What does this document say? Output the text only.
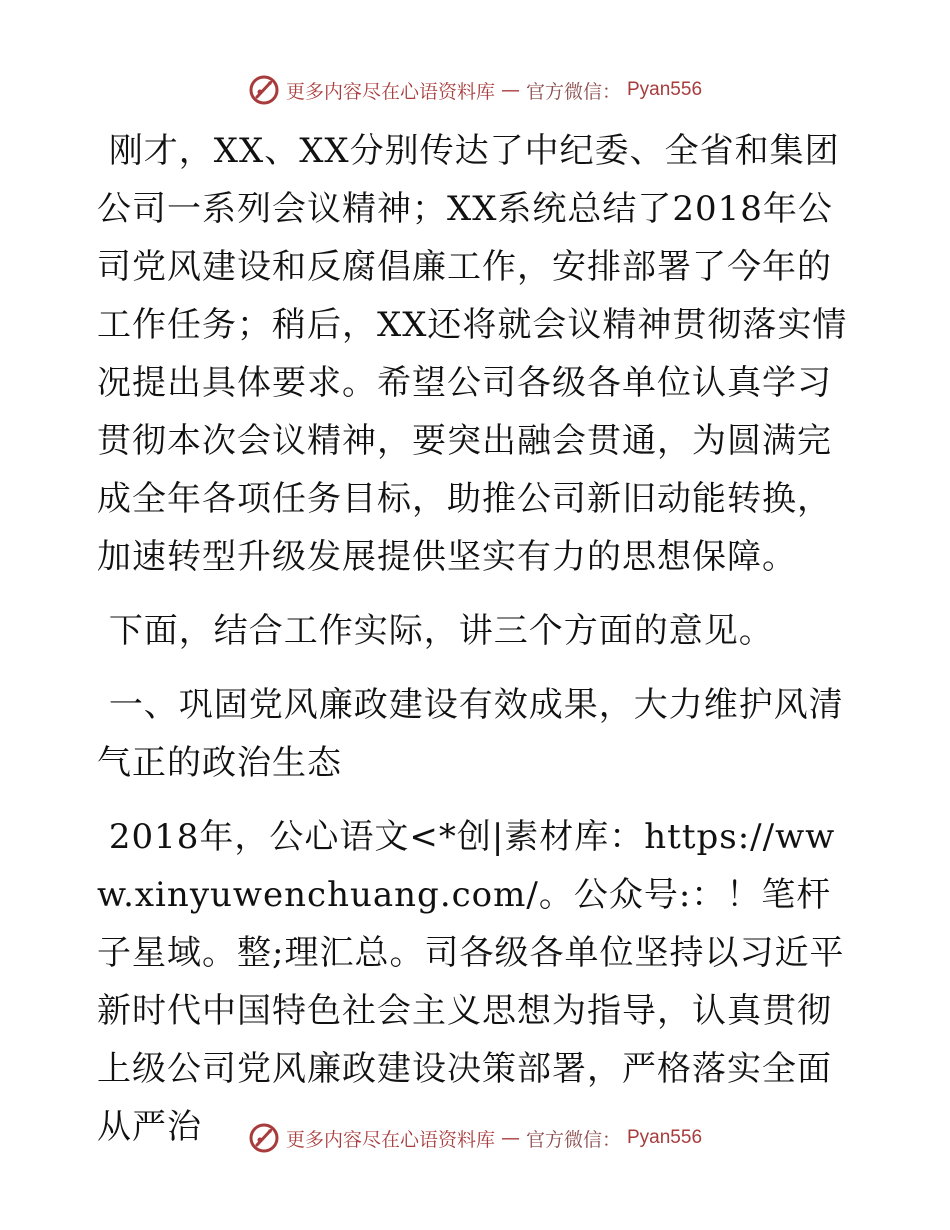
更多内容尽在心语资料库 — 官方微信： Pyan556

刚才，XX、XX分别传达了中纪委、全省和集团公司一系列会议精神；XX系统总结了2018年公司党风建设和反腐倡廉工作，安排部署了今年的工作任务；稍后，XX还将就会议精神贯彻落实情况提出具体要求。希望公司各级各单位认真学习贯彻本次会议精神，要突出融会贯通，为圆满完成全年各项任务目标，助推公司新旧动能转换，加速转型升级发展提供坚实有力的思想保障。

下面，结合工作实际，讲三个方面的意见。

一、巩固党风廉政建设有效成果，大力维护风清气正的政治生态

2018年，公心语文<*创|素材库：https://www.xinyuwenchuang.com/。公众号:：！笔杆子星域。整;理汇总。司各级各单位坚持以习近平新时代中国特色社会主义思想为指导，认真贯彻上级公司党风廉政建设决策部署，严格落实全面从严治	更多内容尽在心语资料库 — 官方微信： Pyan556
